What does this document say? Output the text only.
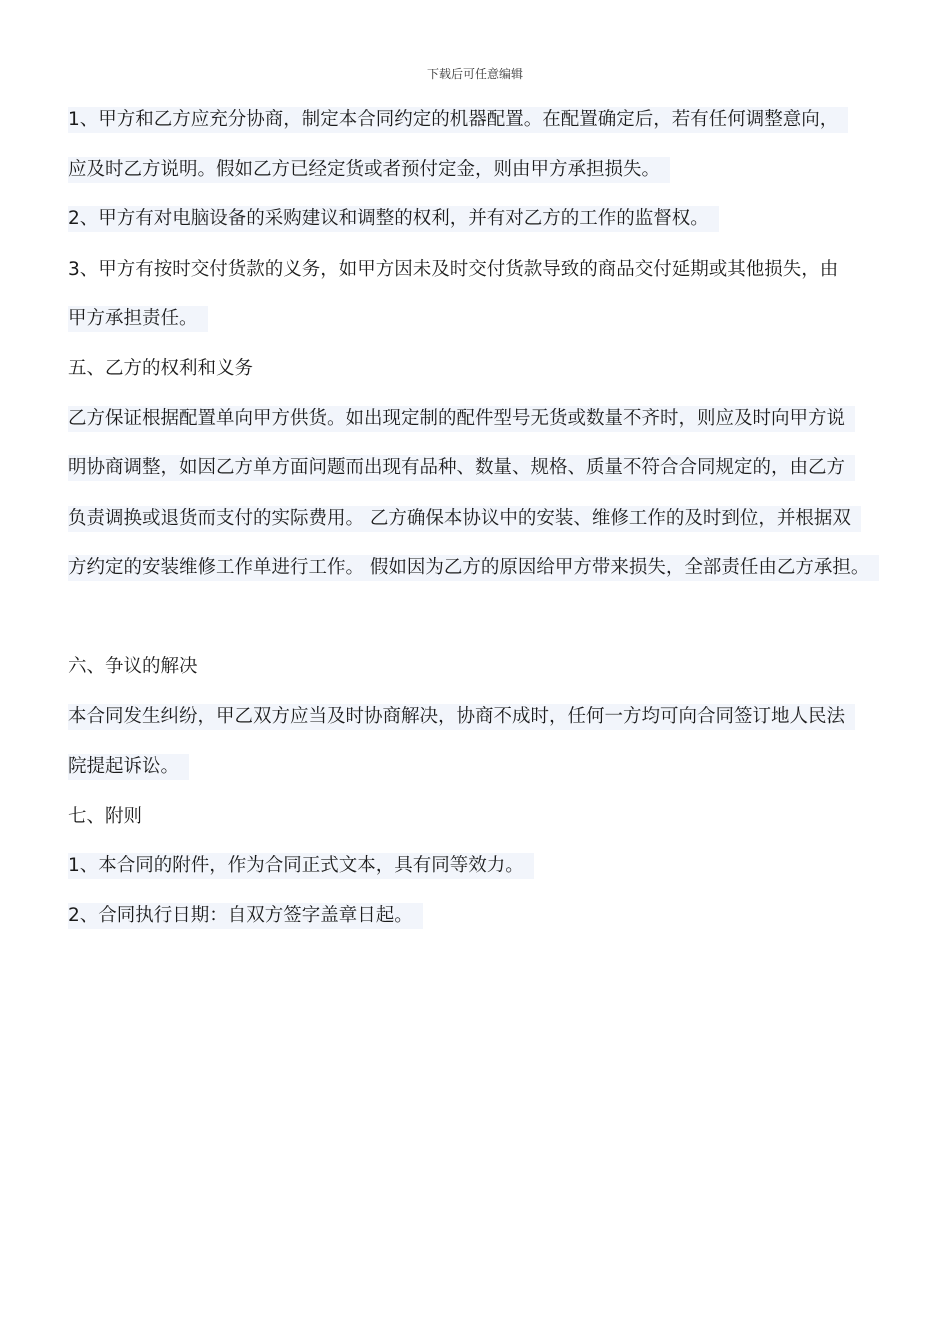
下载后可任意编辑
1、甲方和乙方应充分协商，制定本合同约定的机器配置。在配置确定后，若有任何调整意向，
应及时乙方说明。假如乙方已经定货或者预付定金，则由甲方承担损失。
2、甲方有对电脑设备的采购建议和调整的权利，并有对乙方的工作的监督权。
3、甲方有按时交付货款的义务，如甲方因未及时交付货款导致的商品交付延期或其他损失，由
甲方承担责任。
五、乙方的权利和义务
乙方保证根据配置单向甲方供货。如出现定制的配件型号无货或数量不齐时，则应及时向甲方说
明协商调整，如因乙方单方面问题而出现有品种、数量、规格、质量不符合合同规定的，由乙方
负责调换或退货而支付的实际费用。 乙方确保本协议中的安装、维修工作的及时到位，并根据双
方约定的安装维修工作单进行工作。 假如因为乙方的原因给甲方带来损失，全部责任由乙方承担。
六、争议的解决
本合同发生纠纷，甲乙双方应当及时协商解决，协商不成时，任何一方均可向合同签订地人民法
院提起诉讼。
七、附则
1、本合同的附件，作为合同正式文本，具有同等效力。
2、合同执行日期：自双方签字盖章日起。
